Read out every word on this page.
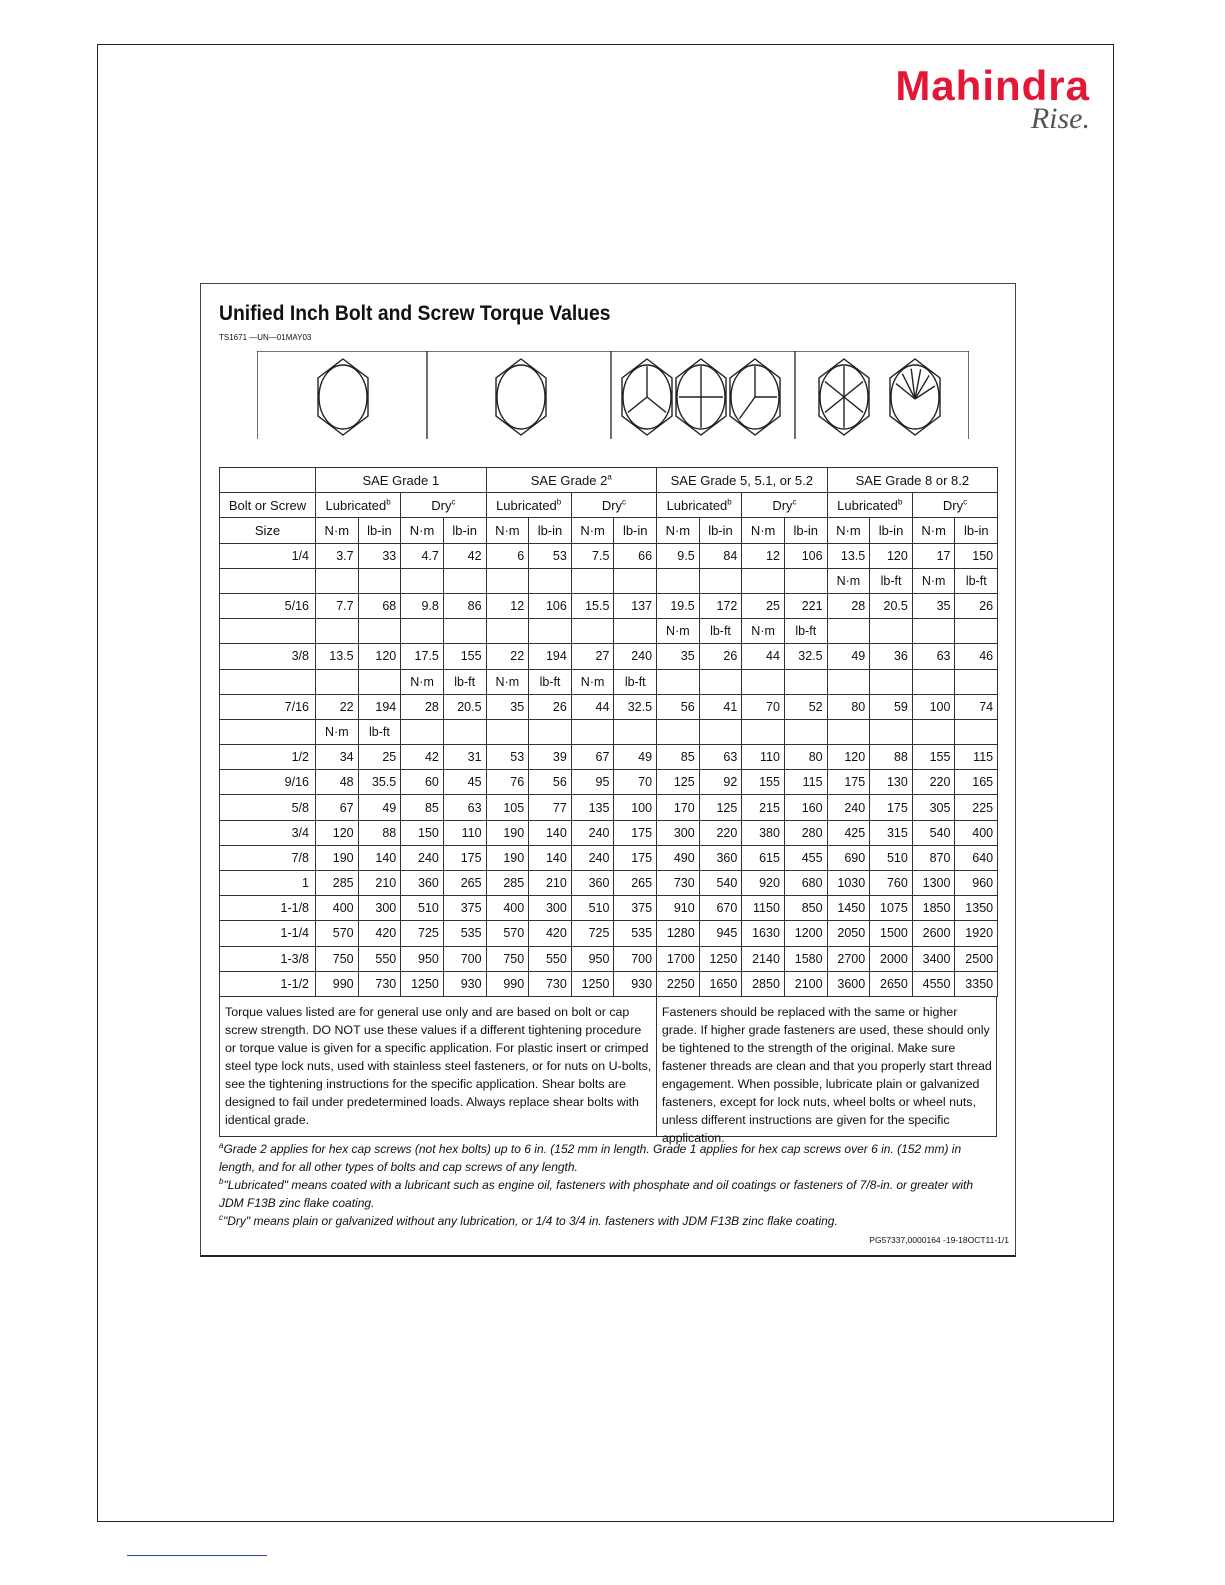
Mahindra
Rise.
Unified Inch Bolt and Screw Torque Values
TS1671 —UN—01MAY03
	SAE Grade 1				SAE Grade 2$^a$				SAE Grade 5, 5.1, or 5.2				SAE Grade 8 or 8.2			
Bolt or Screw	Lubricated$^b$		Dry$^c$		Lubricated$^b$		Dry$^c$		Lubricated$^b$		Dry$^c$		Lubricated$^b$		Dry$^c$
Size	N·m	lb-in	N·m	lb-in	N·m	lb-in	N·m	lb-in	N·m	lb-in	N·m	lb-in	N·m	lb-in	N·m	lb-in
1/4	3.7	33	4.7	42	6	53	7.5	66	9.5	84	12	106	13.5	120	17	150
													N·m	lb-ft	N·m	lb-ft
5/16	7.7	68	9.8	86	12	106	15.5	137	19.5	172	25	221	28	20.5	35	26
									N·m	lb-ft	N·m	lb-ft				
3/8	13.5	120	17.5	155	22	194	27	240	35	26	44	32.5	49	36	63	46
			N·m	lb-ft	N·m	lb-ft	N·m	lb-ft								
7/16	22	194	28	20.5	35	26	44	32.5	56	41	70	52	80	59	100	74
	N·m	lb-ft														
1/2	34	25	42	31	53	39	67	49	85	63	110	80	120	88	155	115
9/16	48	35.5	60	45	76	56	95	70	125	92	155	115	175	130	220	165
5/8	67	49	85	63	105	77	135	100	170	125	215	160	240	175	305	225
3/4	120	88	150	110	190	140	240	175	300	220	380	280	425	315	540	400
7/8	190	140	240	175	190	140	240	175	490	360	615	455	690	510	870	640
1	285	210	360	265	285	210	360	265	730	540	920	680	1030	760	1300	960
1-1/8	400	300	510	375	400	300	510	375	910	670	1150	850	1450	1075	1850	1350
1-1/4	570	420	725	535	570	420	725	535	1280	945	1630	1200	2050	1500	2600	1920
1-3/8	750	550	950	700	750	550	950	700	1700	1250	2140	1580	2700	2000	3400	2500
1-1/2	990	730	1250	930	990	730	1250	930	2250	1650	2850	2100	3600	2650	4550	3350
Torque values listed are for general use only and are based on bolt or cap screw strength. DO NOT use these values if a different tightening procedure or torque value is given for a specific application. For plastic insert or crimped steel type lock nuts, used with stainless steel fasteners, or for nuts on U-bolts, see the tightening instructions for the specific application. Shear bolts are designed to fail under predetermined loads. Always replace shear bolts with identical grade.
Fasteners should be replaced with the same or higher grade. If higher grade fasteners are used, these should only be tightened to the strength of the original. Make sure fastener threads are clean and that you properly start thread engagement. When possible, lubricate plain or galvanized fasteners, except for lock nuts, wheel bolts or wheel nuts, unless different instructions are given for the specific application.

$^a$Grade 2 applies for hex cap screws (not hex bolts) up to 6 in. (152 mm in length. Grade 1 applies for hex cap screws over 6 in. (152 mm) in length, and for all other types of bolts and cap screws of any length.

$^b$"Lubricated" means coated with a lubricant such as engine oil, fasteners with phosphate and oil coatings or fasteners of 7/8-in. or greater with JDM F13B zinc flake coating.

$^c$"Dry" means plain or galvanized without any lubrication, or 1/4 to 3/4 in. fasteners with JDM F13B zinc flake coating.

PG57337,0000164 -19-18OCT11-1/1
